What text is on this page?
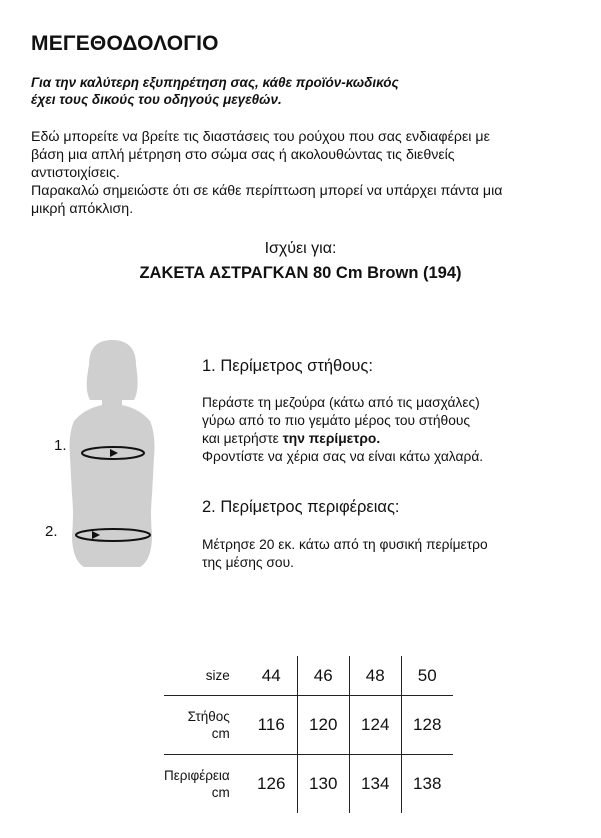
ΜΕΓΕΘΟΔΟΛΟΓΙΟ
Για την καλύτερη εξυπηρέτηση σας, κάθε προϊόν-κωδικός
έχει τους δικούς του οδηγούς μεγεθών.
Εδώ μπορείτε να βρείτε τις διαστάσεις του ρούχου που σας ενδιαφέρει με
βάση μια απλή μέτρηση στο σώμα σας ή ακολουθώντας τις διεθνείς
αντιστοιχίσεις.
Παρακαλώ σημειώστε ότι σε κάθε περίπτωση μπορεί να υπάρχει πάντα μια
μικρή απόκλιση.
Ισχύει για:
ΖΑΚΕΤΑ ΑΣΤΡΑΓΚΑΝ 80 Cm Brown (194)
1.
2.
1. Περίμετρος στήθους:
Περάστε τη μεζούρα (κάτω από τις μασχάλες)
γύρω από το πιο γεμάτο μέρος του στήθους
και μετρήστε την περίμετρο.
Φροντίστε να χέρια σας να είναι κάτω χαλαρά.
2. Περίμετρος περιφέρειας:
Μέτρησε 20 εκ. κάτω από τη φυσική περίμετρο
της μέσης σου.
size	44	46	48	50
Στήθος
cm	116	120	124	128
Περιφέρεια
cm	126	130	134	138
